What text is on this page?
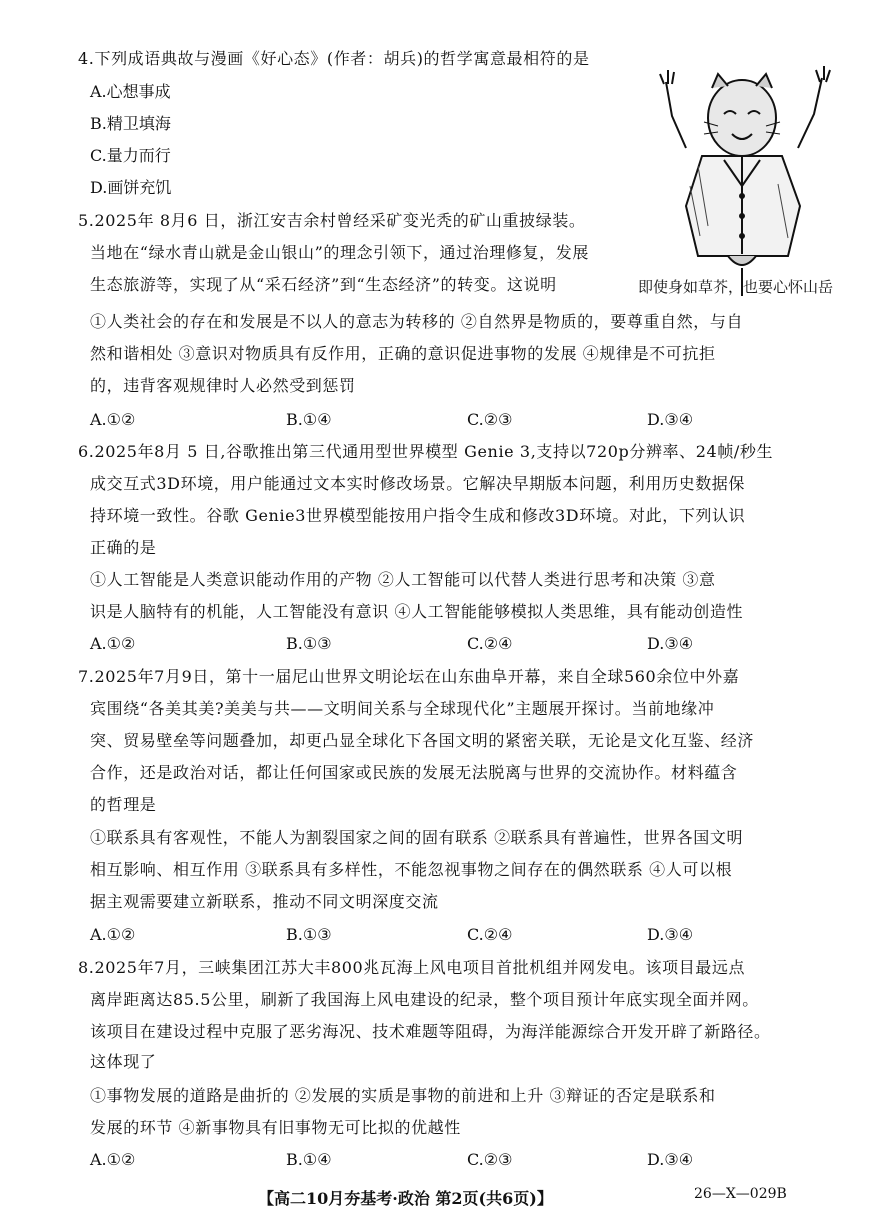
4.下列成语典故与漫画《好心态》(作者：胡兵)的哲学寓意最相符的是
A.心想事成
B.精卫填海
C.量力而行
D.画饼充饥
即使身如草芥，也要心怀山岳
5.2025年 8月6 日，浙江安吉余村曾经采矿变光秃的矿山重披绿装。
当地在“绿水青山就是金山银山”的理念引领下，通过治理修复，发展
生态旅游等，实现了从“采石经济”到“生态经济”的转变。这说明
①人类社会的存在和发展是不以人的意志为转移的 ②自然界是物质的，要尊重自然，与自
然和谐相处 ③意识对物质具有反作用，正确的意识促进事物的发展 ④规律是不可抗拒
的，违背客观规律时人必然受到惩罚
A.①②	B.①④	C.②③	D.③④
6.2025年8月 5 日,谷歌推出第三代通用型世界模型 Genie 3,支持以720p分辨率、24帧/秒生
成交互式3D环境，用户能通过文本实时修改场景。它解决早期版本问题，利用历史数据保
持环境一致性。谷歌 Genie3世界模型能按用户指令生成和修改3D环境。对此，下列认识
正确的是
①人工智能是人类意识能动作用的产物 ②人工智能可以代替人类进行思考和决策 ③意
识是人脑特有的机能，人工智能没有意识 ④人工智能能够模拟人类思维，具有能动创造性
A.①②	B.①③	C.②④	D.③④
7.2025年7月9日，第十一届尼山世界文明论坛在山东曲阜开幕，来自全球560余位中外嘉
宾围绕“各美其美?美美与共——文明间关系与全球现代化”主题展开探讨。当前地缘冲
突、贸易壁垒等问题叠加，却更凸显全球化下各国文明的紧密关联，无论是文化互鉴、经济
合作，还是政治对话，都让任何国家或民族的发展无法脱离与世界的交流协作。材料蕴含
的哲理是
①联系具有客观性，不能人为割裂国家之间的固有联系 ②联系具有普遍性，世界各国文明
相互影响、相互作用 ③联系具有多样性，不能忽视事物之间存在的偶然联系 ④人可以根
据主观需要建立新联系，推动不同文明深度交流
A.①②	B.①③	C.②④	D.③④
8.2025年7月，三峡集团江苏大丰800兆瓦海上风电项目首批机组并网发电。该项目最远点
离岸距离达85.5公里，刷新了我国海上风电建设的纪录，整个项目预计年底实现全面并网。
该项目在建设过程中克服了恶劣海况、技术难题等阻碍，为海洋能源综合开发开辟了新路径。
这体现了
①事物发展的道路是曲折的 ②发展的实质是事物的前进和上升 ③辩证的否定是联系和
发展的环节 ④新事物具有旧事物无可比拟的优越性
A.①②	B.①④	C.②③	D.③④
【高二10月夯基考·政治 第2页(共6页)】	26—X—029B
